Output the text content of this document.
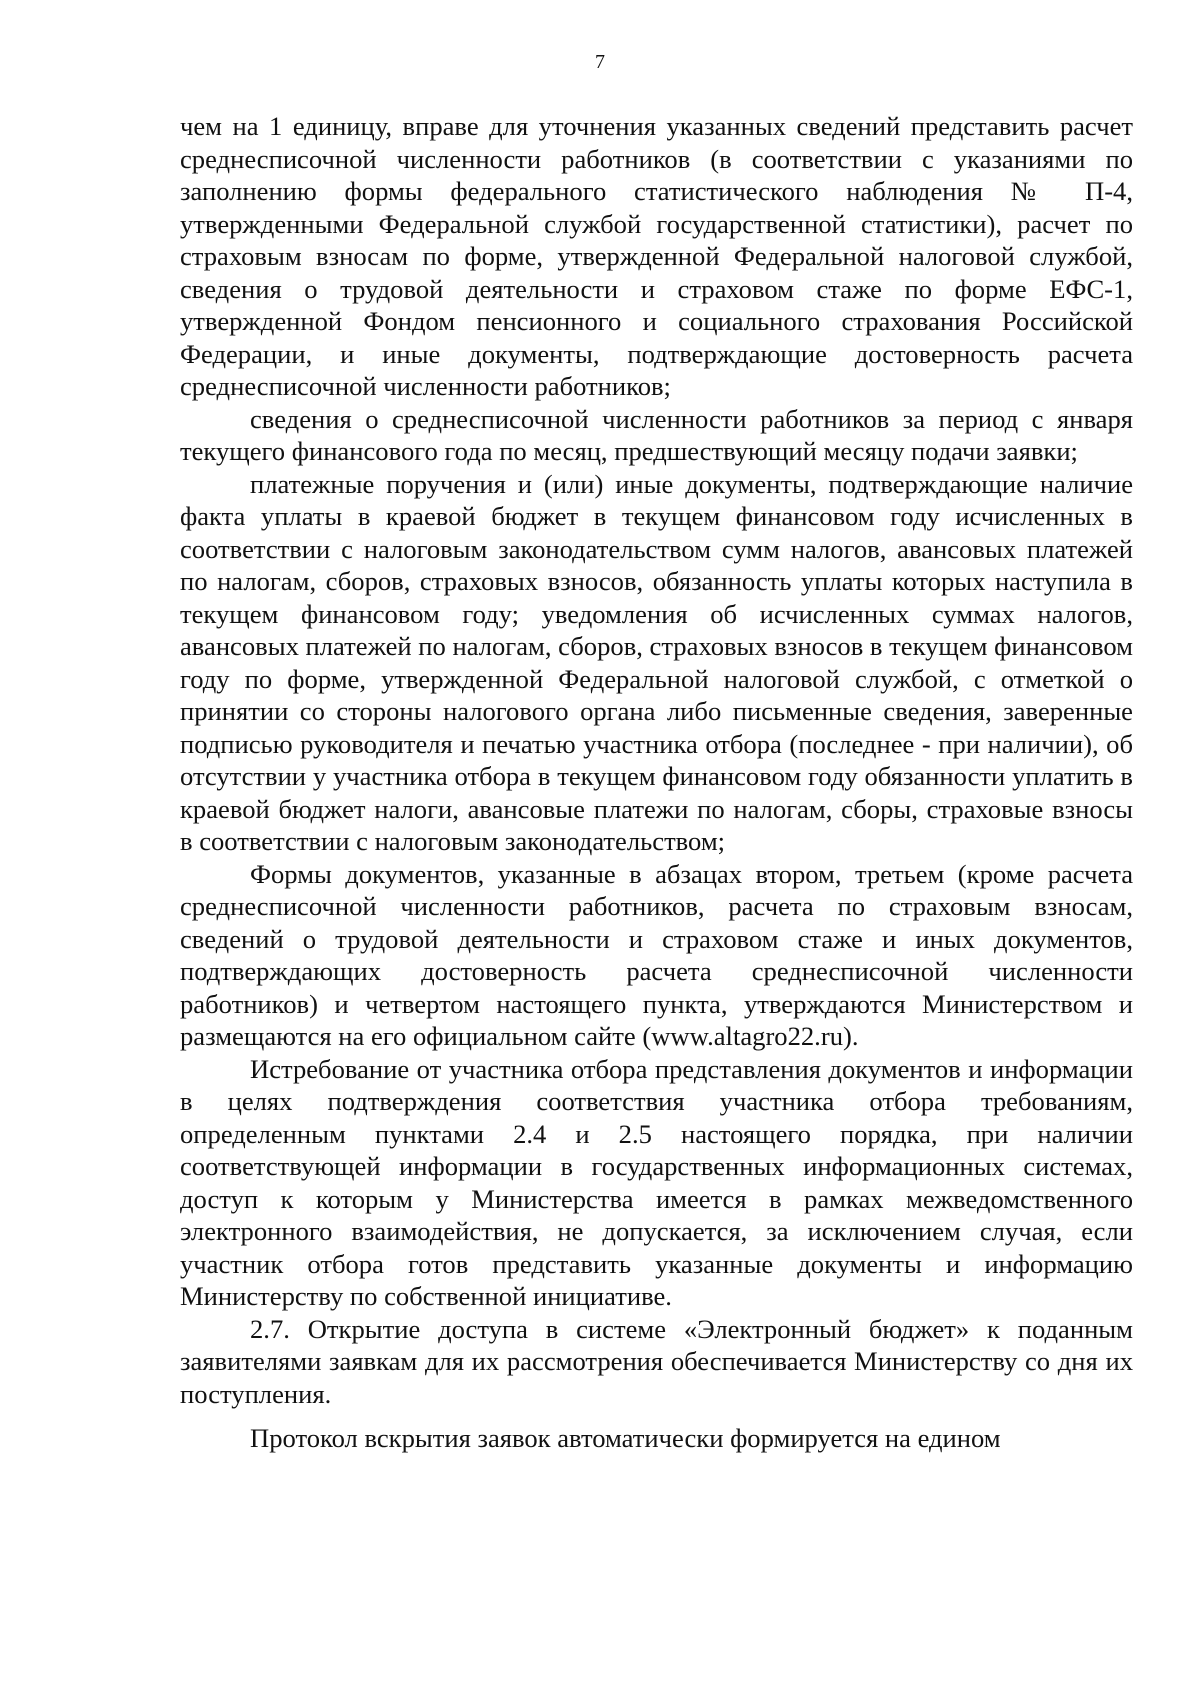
7

чем на 1 единицу, вправе для уточнения указанных сведений представить расчет среднесписочной численности работников (в соответствии с указаниями по заполнению формы федерального статистического наблюдения № П-4, утвержденными Федеральной службой государственной статистики), расчет по страховым взносам по форме, утвержденной Федеральной налоговой службой, сведения о трудовой деятельности и страховом стаже по форме ЕФС-1, утвержденной Фондом пенсионного и социального страхования Российской Федерации, и иные документы, подтверждающие достоверность расчета среднесписочной численности работников;

сведения о среднесписочной численности работников за период с января текущего финансового года по месяц, предшествующий месяцу подачи заявки;

платежные поручения и (или) иные документы, подтверждающие наличие факта уплаты в краевой бюджет в текущем финансовом году исчисленных в соответствии с налоговым законодательством сумм налогов, авансовых платежей по налогам, сборов, страховых взносов, обязанность уплаты которых наступила в текущем финансовом году; уведомления об исчисленных суммах налогов, авансовых платежей по налогам, сборов, страховых взносов в текущем финансовом году по форме, утвержденной Федеральной налоговой службой, с отметкой о принятии со стороны налогового органа либо письменные сведения, заверенные подписью руководителя и печатью участника отбора (последнее - при наличии), об отсутствии у участника отбора в текущем финансовом году обязанности уплатить в краевой бюджет налоги, авансовые платежи по налогам, сборы, страховые взносы в соответствии с налоговым законодательством;

Формы документов, указанные в абзацах втором, третьем (кроме расчета среднесписочной численности работников, расчета по страховым взносам, сведений о трудовой деятельности и страховом стаже и иных документов, подтверждающих достоверность расчета среднесписочной численности работников) и четвертом настоящего пункта, утверждаются Министерством и размещаются на его официальном сайте (www.altagro22.ru).

Истребование от участника отбора представления документов и информации в целях подтверждения соответствия участника отбора требованиям, определенным пунктами 2.4 и 2.5 настоящего порядка, при наличии соответствующей информации в государственных информационных системах, доступ к которым у Министерства имеется в рамках межведомственного электронного взаимодействия, не допускается, за исключением случая, если участник отбора готов представить указанные документы и информацию Министерству по собственной инициативе.

2.7. Открытие доступа в системе «Электронный бюджет» к поданным заявителями заявкам для их рассмотрения обеспечивается Министерству со дня их поступления.

Протокол вскрытия заявок автоматически формируется на едином
